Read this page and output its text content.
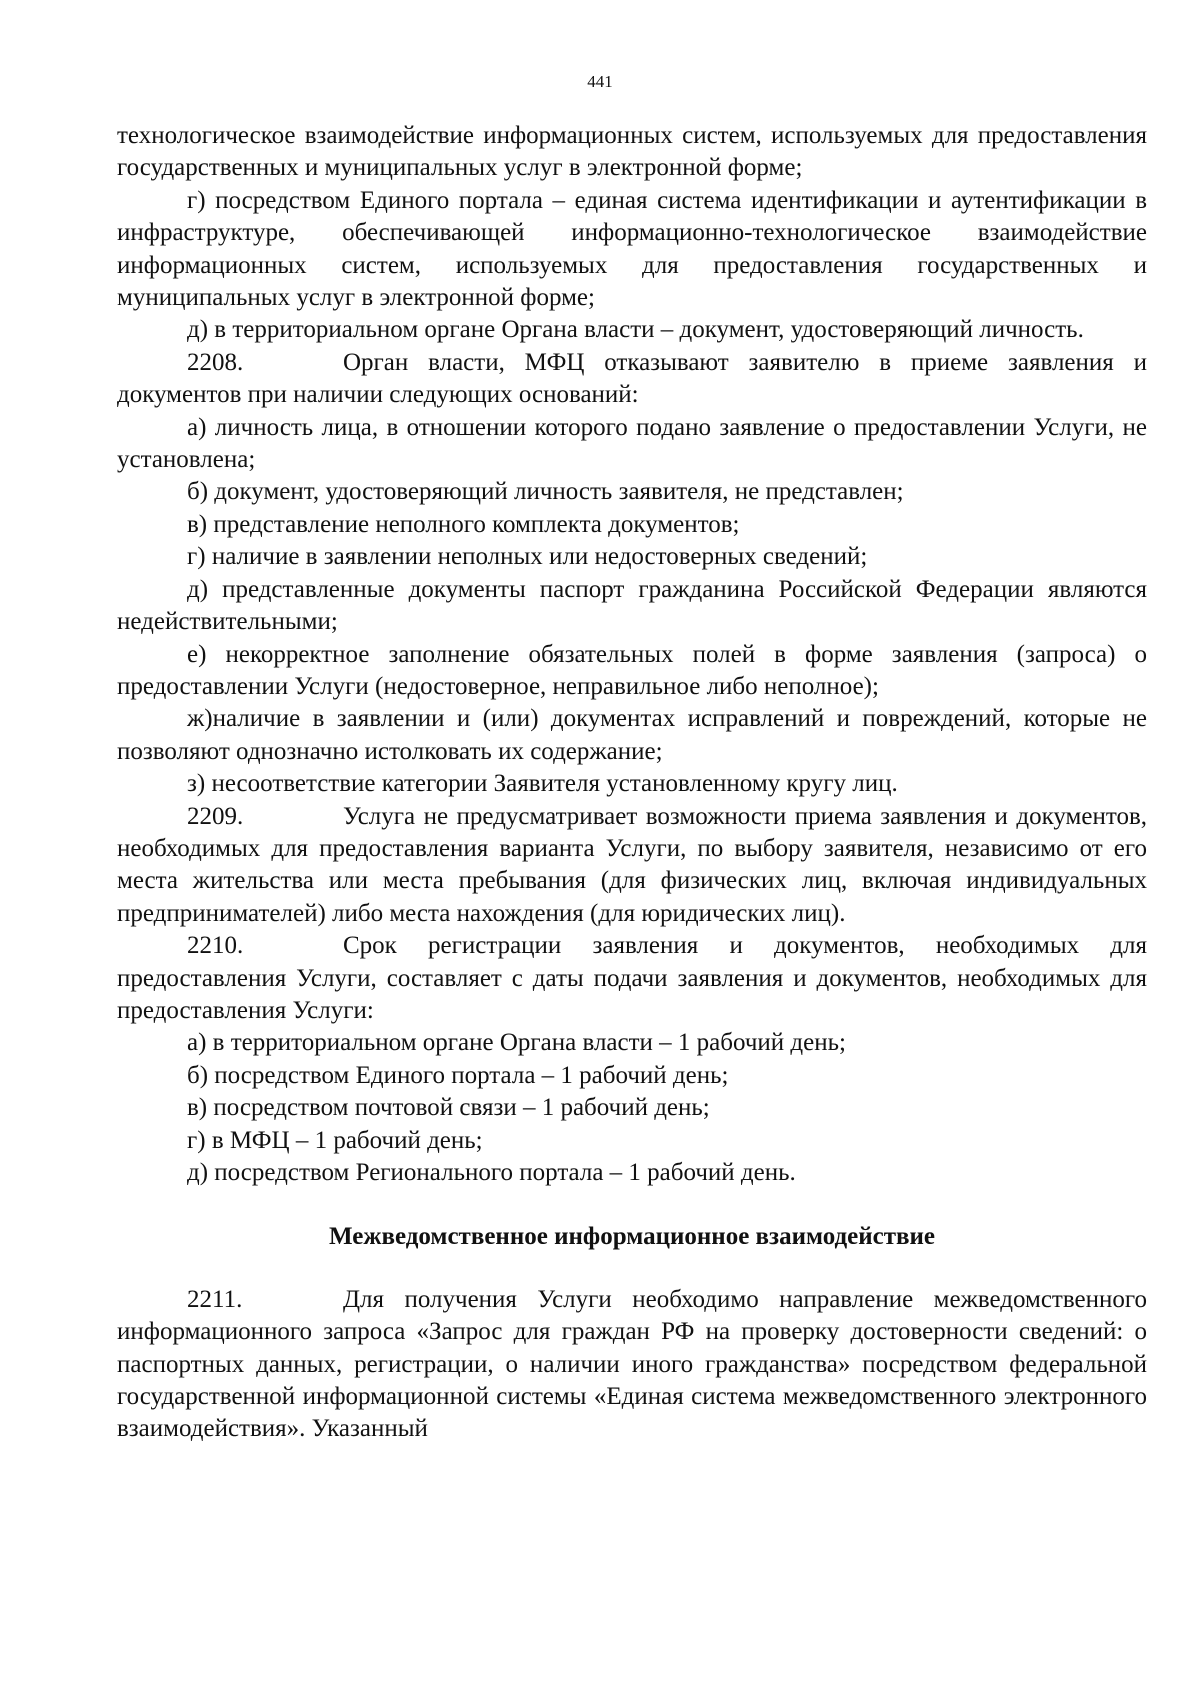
441

технологическое взаимодействие информационных систем, используемых для предоставления государственных и муниципальных услуг в электронной форме;

г) посредством Единого портала – единая система идентификации и аутентификации в инфраструктуре, обеспечивающей информационно-технологическое взаимодействие информационных систем, используемых для предоставления государственных и муниципальных услуг в электронной форме;

д) в территориальном органе Органа власти – документ, удостоверяющий личность.

2208.	Орган власти, МФЦ отказывают заявителю в приеме заявления и документов при наличии следующих оснований:

а) личность лица, в отношении которого подано заявление о предоставлении Услуги, не установлена;

б) документ, удостоверяющий личность заявителя, не представлен;

в) представление неполного комплекта документов;

г) наличие в заявлении неполных или недостоверных сведений;

д) представленные документы паспорт гражданина Российской Федерации являются недействительными;

е) некорректное заполнение обязательных полей в форме заявления (запроса) о предоставлении Услуги (недостоверное, неправильное либо неполное);

ж)наличие в заявлении и (или) документах исправлений и повреждений, которые не позволяют однозначно истолковать их содержание;

з) несоответствие категории Заявителя установленному кругу лиц.

2209.	Услуга не предусматривает возможности приема заявления и документов, необходимых для предоставления варианта Услуги, по выбору заявителя, независимо от его места жительства или места пребывания (для физических лиц, включая индивидуальных предпринимателей) либо места нахождения (для юридических лиц).

2210.	Срок регистрации заявления и документов, необходимых для предоставления Услуги, составляет с даты подачи заявления и документов, необходимых для предоставления Услуги:

а) в территориальном органе Органа власти – 1 рабочий день;

б) посредством Единого портала – 1 рабочий день;

в) посредством почтовой связи – 1 рабочий день;

г) в МФЦ – 1 рабочий день;

д) посредством Регионального портала – 1 рабочий день.

Межведомственное информационное взаимодействие

2211.	Для получения Услуги необходимо направление межведомственного информационного запроса «Запрос для граждан РФ на проверку достоверности сведений: о паспортных данных, регистрации, о наличии иного гражданства» посредством федеральной государственной информационной системы «Единая система межведомственного электронного взаимодействия». Указанный
